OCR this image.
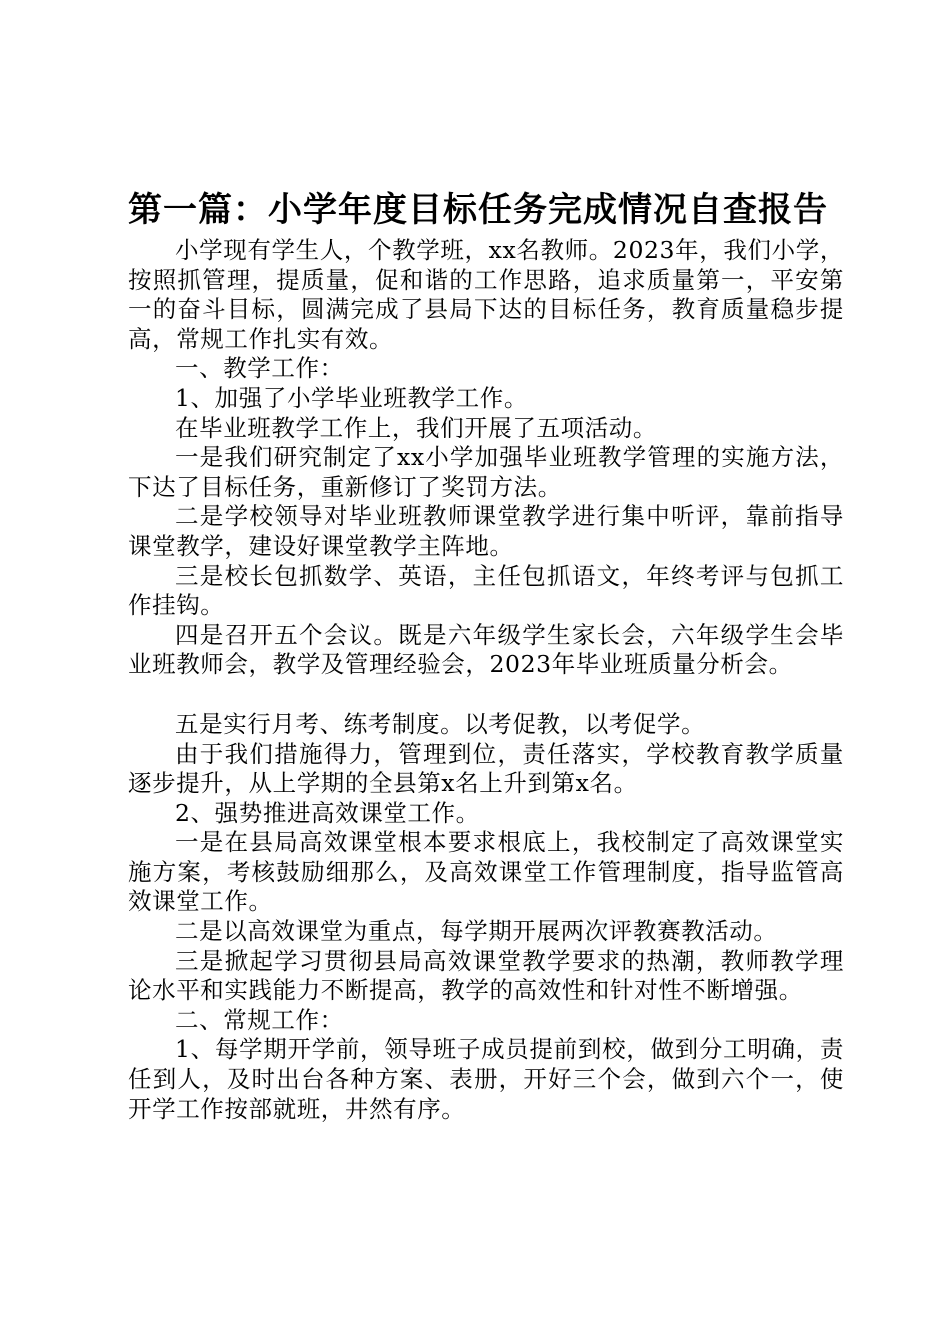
第一篇：小学年度目标任务完成情况自查报告

小学现有学生人，个教学班，xx名教师。2023年，我们小学，按照抓管理，提质量，促和谐的工作思路，追求质量第一，平安第一的奋斗目标，圆满完成了县局下达的目标任务，教育质量稳步提高，常规工作扎实有效。

一、教学工作：

1、加强了小学毕业班教学工作。

在毕业班教学工作上，我们开展了五项活动。

一是我们研究制定了xx小学加强毕业班教学管理的实施方法，下达了目标任务，重新修订了奖罚方法。

二是学校领导对毕业班教师课堂教学进行集中听评，靠前指导课堂教学，建设好课堂教学主阵地。

三是校长包抓数学、英语，主任包抓语文，年终考评与包抓工作挂钩。

四是召开五个会议。既是六年级学生家长会，六年级学生会毕业班教师会，教学及管理经验会，2023年毕业班质量分析会。

五是实行月考、练考制度。以考促教，以考促学。

由于我们措施得力，管理到位，责任落实，学校教育教学质量逐步提升，从上学期的全县第x名上升到第x名。

2、强势推进高效课堂工作。

一是在县局高效课堂根本要求根底上，我校制定了高效课堂实施方案，考核鼓励细那么，及高效课堂工作管理制度，指导监管高效课堂工作。

二是以高效课堂为重点，每学期开展两次评教赛教活动。

三是掀起学习贯彻县局高效课堂教学要求的热潮，教师教学理论水平和实践能力不断提高，教学的高效性和针对性不断增强。

二、常规工作：

1、每学期开学前，领导班子成员提前到校，做到分工明确，责任到人，及时出台各种方案、表册，开好三个会，做到六个一，使开学工作按部就班，井然有序。
